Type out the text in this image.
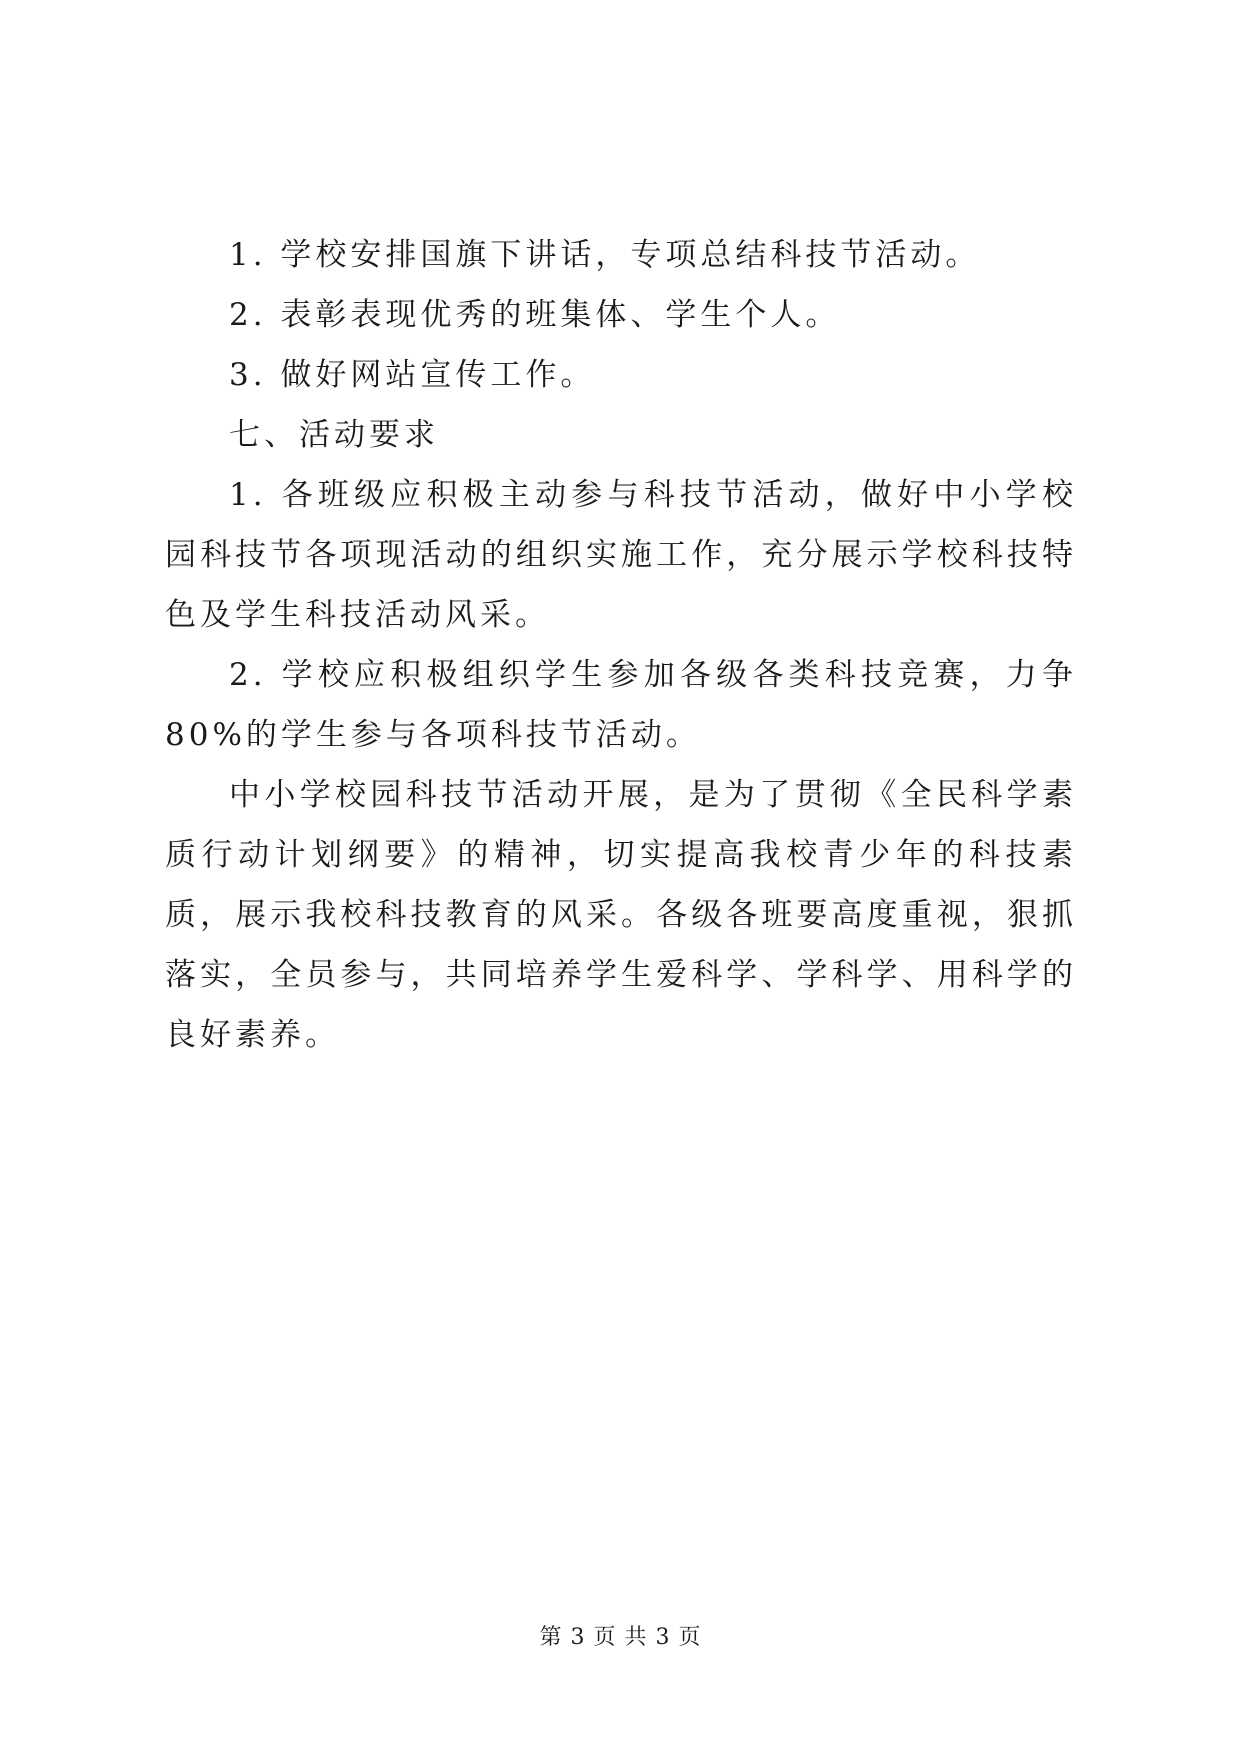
1. 学校安排国旗下讲话，专项总结科技节活动。

2. 表彰表现优秀的班集体、学生个人。

3. 做好网站宣传工作。

七、活动要求

1. 各班级应积极主动参与科技节活动，做好中小学校园科技节各项现活动的组织实施工作，充分展示学校科技特色及学生科技活动风采。

2. 学校应积极组织学生参加各级各类科技竞赛，力争 80%的学生参与各项科技节活动。

中小学校园科技节活动开展，是为了贯彻《全民科学素质行动计划纲要》的精神，切实提高我校青少年的科技素质，展示我校科技教育的风采。各级各班要高度重视，狠抓落实，全员参与，共同培养学生爱科学、学科学、用科学的良好素养。

第 3 页 共 3 页
